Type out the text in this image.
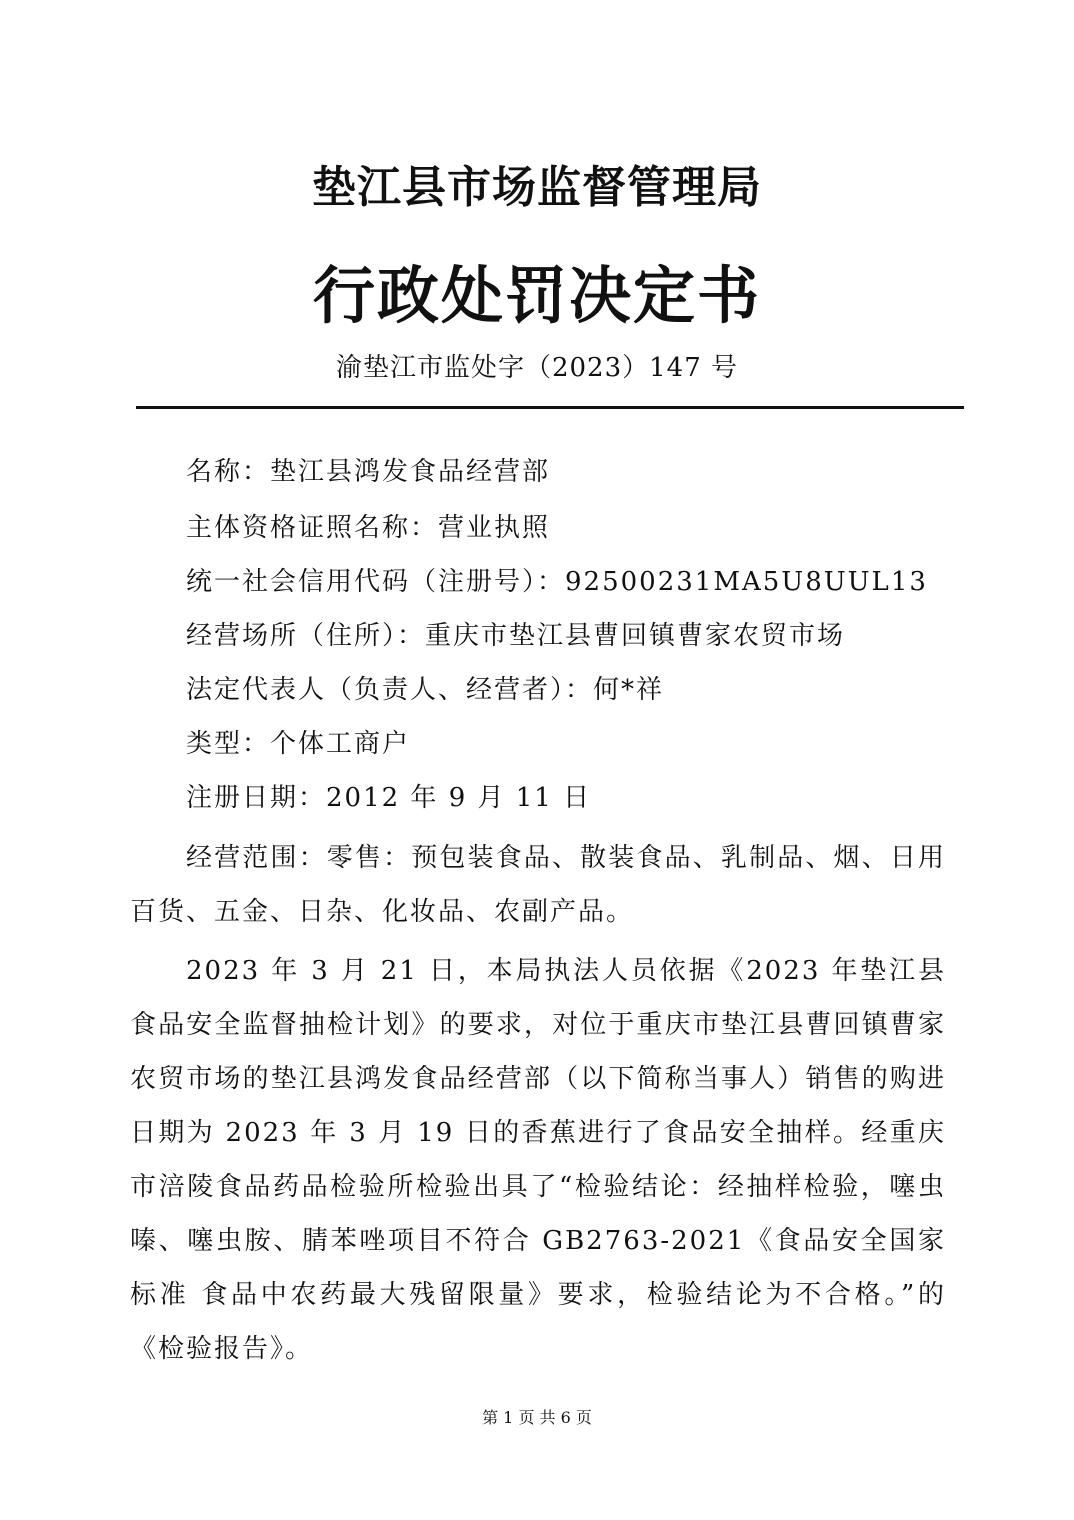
垫江县市场监督管理局
行政处罚决定书
渝垫江市监处字（2023）147 号
名称：垫江县鸿发食品经营部
主体资格证照名称：营业执照
统一社会信用代码（注册号）：92500231MA5U8UUL13
经营场所（住所）：重庆市垫江县曹回镇曹家农贸市场
法定代表人（负责人、经营者）：何*祥
类型：个体工商户
注册日期：2012 年 9 月 11 日
经营范围：零售：预包装食品、散装食品、乳制品、烟、日用百货、五金、日杂、化妆品、农副产品。
2023 年 3 月 21 日，本局执法人员依据《2023 年垫江县食品安全监督抽检计划》的要求，对位于重庆市垫江县曹回镇曹家农贸市场的垫江县鸿发食品经营部（以下简称当事人）销售的购进日期为 2023 年 3 月 19 日的香蕉进行了食品安全抽样。经重庆市涪陵食品药品检验所检验出具了“检验结论：经抽样检验，噻虫嗪、噻虫胺、腈苯唑项目不符合 GB2763-2021《食品安全国家标准 食品中农药最大残留限量》要求，检验结论为不合格。”的《检验报告》。
第 1 页 共 6 页
